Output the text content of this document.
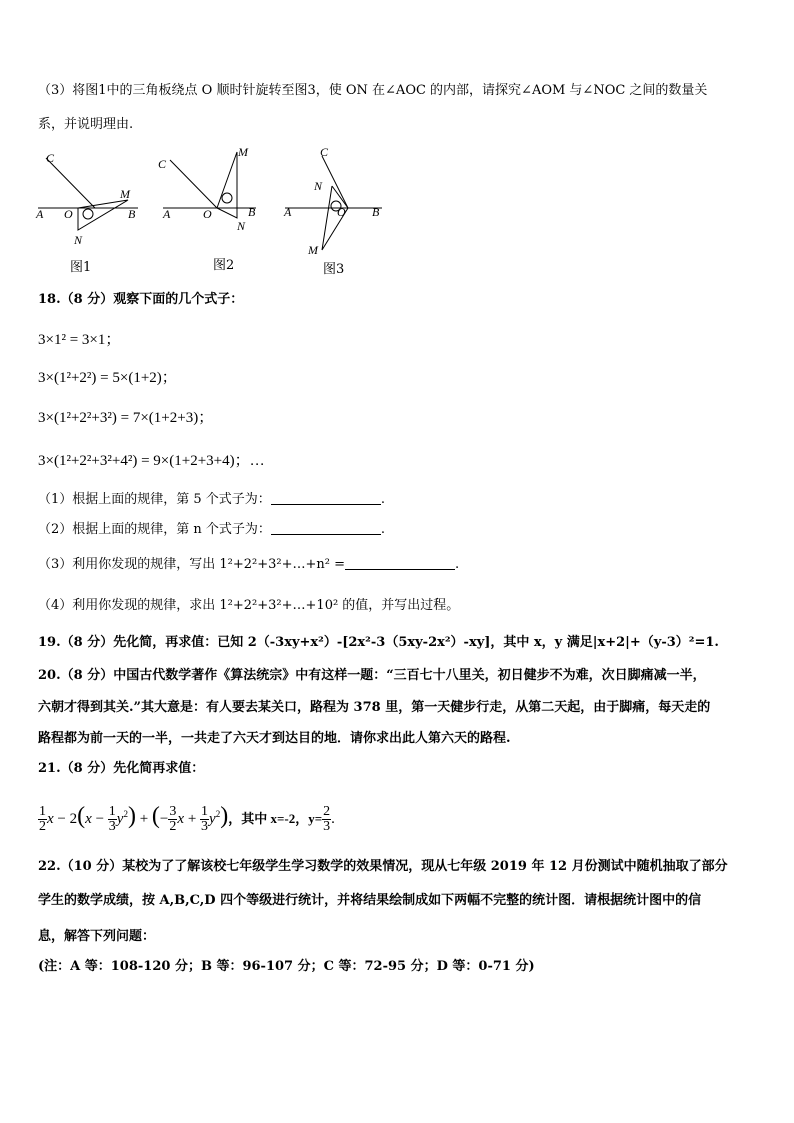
（3）将图1中的三角板绕点 O 顺时针旋转至图3，使 ON 在∠AOC 的内部，请探究∠AOM 与∠NOC 之间的数量关
系，并说明理由.
C
M
A O	B
N
C
M
A	O	B
N
C
N
A	O B
M
图1	图2	图3
18.（8 分）观察下面的几个式子：
3×1² = 3×1；
3×(1²+2²) = 5×(1+2)；
3×(1²+2²+3²) = 7×(1+2+3)；
3×(1²+2²+3²+4²) = 9×(1+2+3+4)；…
（1）根据上面的规律，第 5 个式子为：	.
（2）根据上面的规律，第 n 个式子为：	.
（3）利用你发现的规律，写出 1²+2²+3²+…+n² =	.
（4）利用你发现的规律，求出 1²+2²+3²+…+10² 的值，并写出过程。
19.（8 分）先化简，再求值：已知 2（-3xy+x²）-[2x²-3（5xy-2x²）-xy]，其中 x，y 满足|x+2|+（y-3）²=1.
20.（8 分）中国古代数学著作《算法统宗》中有这样一题：“三百七十八里关，初日健步不为难，次日脚痛减一半，
六朝才得到其关.”其大意是：有人要去某关口，路程为 378 里，第一天健步行走，从第二天起，由于脚痛，每天走的
路程都为前一天的一半，一共走了六天才到达目的地．请你求出此人第六天的路程.
21.（8 分）先化简再求值：
$\frac{1}{2}$ $x - 2(x - \frac{1}{3} y^2)$ + (− $\frac{3}{2}$ $x + \frac{1}{3} y^2$)，其中 x=-2，$y= \frac{2}{3}$ .
22.（10 分）某校为了了解该校七年级学生学习数学的效果情况，现从七年级 2019 年 12 月份测试中随机抽取了部分
学生的数学成绩，按 A,B,C,D 四个等级进行统计，并将结果绘制成如下两幅不完整的统计图．请根据统计图中的信
息，解答下列问题：
(注：A 等：108-120 分；B 等：96-107 分；C 等：72-95 分；D 等：0-71 分)
